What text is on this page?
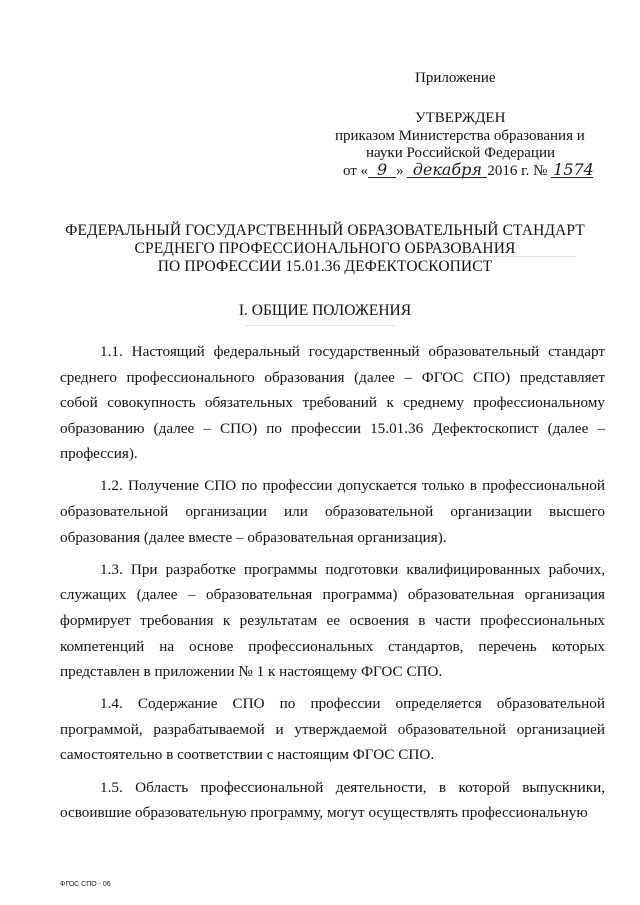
Приложение
УТВЕРЖДЕН
приказом Министерства образования и
науки Российской Федерации
от « 9 » декабря 2016 г. № 1574
ФЕДЕРАЛЬНЫЙ ГОСУДАРСТВЕННЫЙ ОБРАЗОВАТЕЛЬНЫЙ СТАНДАРТ
СРЕДНЕГО ПРОФЕССИОНАЛЬНОГО ОБРАЗОВАНИЯ
ПО ПРОФЕССИИ 15.01.36 ДЕФЕКТОСКОПИСТ
I. ОБЩИЕ ПОЛОЖЕНИЯ

1.1. Настоящий федеральный государственный образовательный стандарт среднего профессионального образования (далее – ФГОС СПО) представляет собой совокупность обязательных требований к среднему профессиональному образованию (далее – СПО) по профессии 15.01.36 Дефектоскопист (далее – профессия).

1.2. Получение СПО по профессии допускается только в профессиональной образовательной организации или образовательной организации высшего образования (далее вместе – образовательная организация).

1.3. При разработке программы подготовки квалифицированных рабочих, служащих (далее – образовательная программа) образовательная организация формирует требования к результатам ее освоения в части профессиональных компетенций на основе профессиональных стандартов, перечень которых представлен в приложении № 1 к настоящему ФГОС СПО.

1.4. Содержание СПО по профессии определяется образовательной программой, разрабатываемой и утверждаемой образовательной организацией самостоятельно в соответствии с настоящим ФГОС СПО.

1.5. Область профессиональной деятельности, в которой выпускники, освоившие образовательную программу, могут осуществлять профессиональную

ФГОС СПО - 06
